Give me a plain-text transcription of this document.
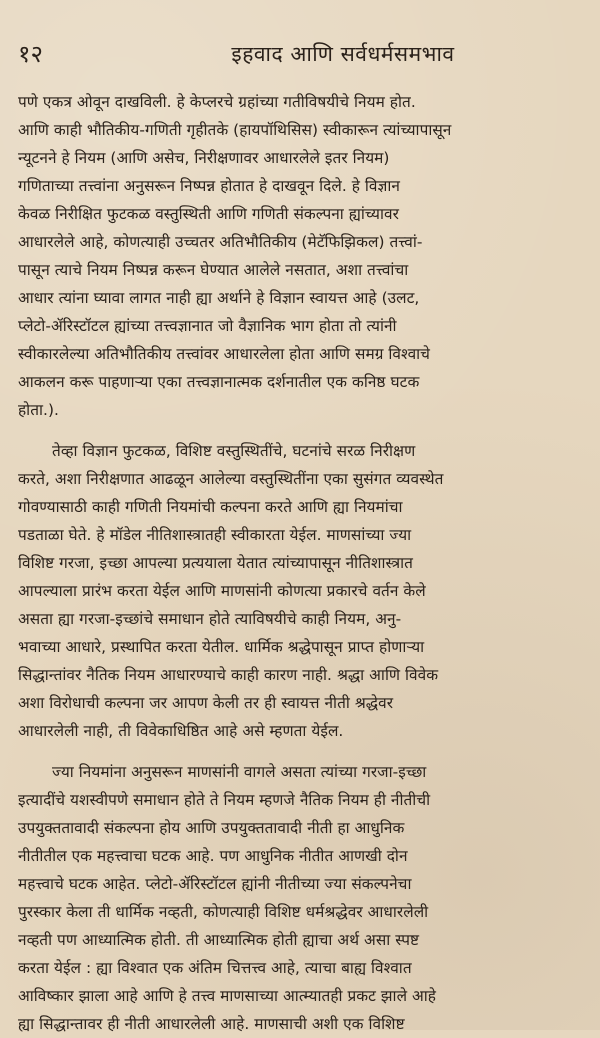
१२	इहवाद आणि सर्वधर्मसमभाव
पणे एकत्र ओवून दाखविली. हे केप्लरचे ग्रहांच्या गतीविषयीचे नियम होत.
आणि काही भौतिकीय-गणिती गृहीतके (हायपॉथिसिस) स्वीकारून त्यांच्यापासून
न्यूटनने हे नियम (आणि असेच, निरीक्षणावर आधारलेले इतर नियम)
गणिताच्या तत्त्वांना अनुसरून निष्पन्न होतात हे दाखवून दिले. हे विज्ञान
केवळ निरीक्षित फुटकळ वस्तुस्थिती आणि गणिती संकल्पना ह्यांच्यावर
आधारलेले आहे, कोणत्याही उच्चतर अतिभौतिकीय (मेटॅफिझिकल) तत्त्वां-
पासून त्याचे नियम निष्पन्न करून घेण्यात आलेले नसतात, अशा तत्त्वांचा
आधार त्यांना घ्यावा लागत नाही ह्या अर्थाने हे विज्ञान स्वायत्त आहे (उलट,
प्लेटो-ॲरिस्टॉटल ह्यांच्या तत्त्वज्ञानात जो वैज्ञानिक भाग होता तो त्यांनी
स्वीकारलेल्या अतिभौतिकीय तत्त्वांवर आधारलेला होता आणि समग्र विश्वाचे
आकलन करू पाहणाऱ्या एका तत्त्वज्ञानात्मक दर्शनातील एक कनिष्ठ घटक
होता.).
तेव्हा विज्ञान फुटकळ, विशिष्ट वस्तुस्थितींचे, घटनांचे सरळ निरीक्षण
करते, अशा निरीक्षणात आढळून आलेल्या वस्तुस्थितींना एका सुसंगत व्यवस्थेत
गोवण्यासाठी काही गणिती नियमांची कल्पना करते आणि ह्या नियमांचा
पडताळा घेते. हे मॉडेल नीतिशास्त्रातही स्वीकारता येईल. माणसांच्या ज्या
विशिष्ट गरजा, इच्छा आपल्या प्रत्ययाला येतात त्यांच्यापासून नीतिशास्त्रात
आपल्याला प्रारंभ करता येईल आणि माणसांनी कोणत्या प्रकारचे वर्तन केले
असता ह्या गरजा-इच्छांचे समाधान होते त्याविषयीचे काही नियम, अनु-
भवाच्या आधारे, प्रस्थापित करता येतील. धार्मिक श्रद्धेपासून प्राप्त होणाऱ्या
सिद्धान्तांवर नैतिक नियम आधारण्याचे काही कारण नाही. श्रद्धा आणि विवेक
अशा विरोधाची कल्पना जर आपण केली तर ही स्वायत्त नीती श्रद्धेवर
आधारलेली नाही, ती विवेकाधिष्ठित आहे असे म्हणता येईल.
ज्या नियमांना अनुसरून माणसांनी वागले असता त्यांच्या गरजा-इच्छा
इत्यादींचे यशस्वीपणे समाधान होते ते नियम म्हणजे नैतिक नियम ही नीतीची
उपयुक्ततावादी संकल्पना होय आणि उपयुक्ततावादी नीती हा आधुनिक
नीतीतील एक महत्त्वाचा घटक आहे. पण आधुनिक नीतीत आणखी दोन
महत्त्वाचे घटक आहेत. प्लेटो-ॲरिस्टॉटल ह्यांनी नीतीच्या ज्या संकल्पनेचा
पुरस्कार केला ती धार्मिक नव्हती, कोणत्याही विशिष्ट धर्मश्रद्धेवर आधारलेली
नव्हती पण आध्यात्मिक होती. ती आध्यात्मिक होती ह्याचा अर्थ असा स्पष्ट
करता येईल : ह्या विश्वात एक अंतिम चित्तत्त्व आहे, त्याचा बाह्य विश्वात
आविष्कार झाला आहे आणि हे तत्त्व माणसाच्या आत्म्यातही प्रकट झाले आहे
ह्या सिद्धान्तावर ही नीती आधारलेली आहे. माणसाची अशी एक विशिष्ट
